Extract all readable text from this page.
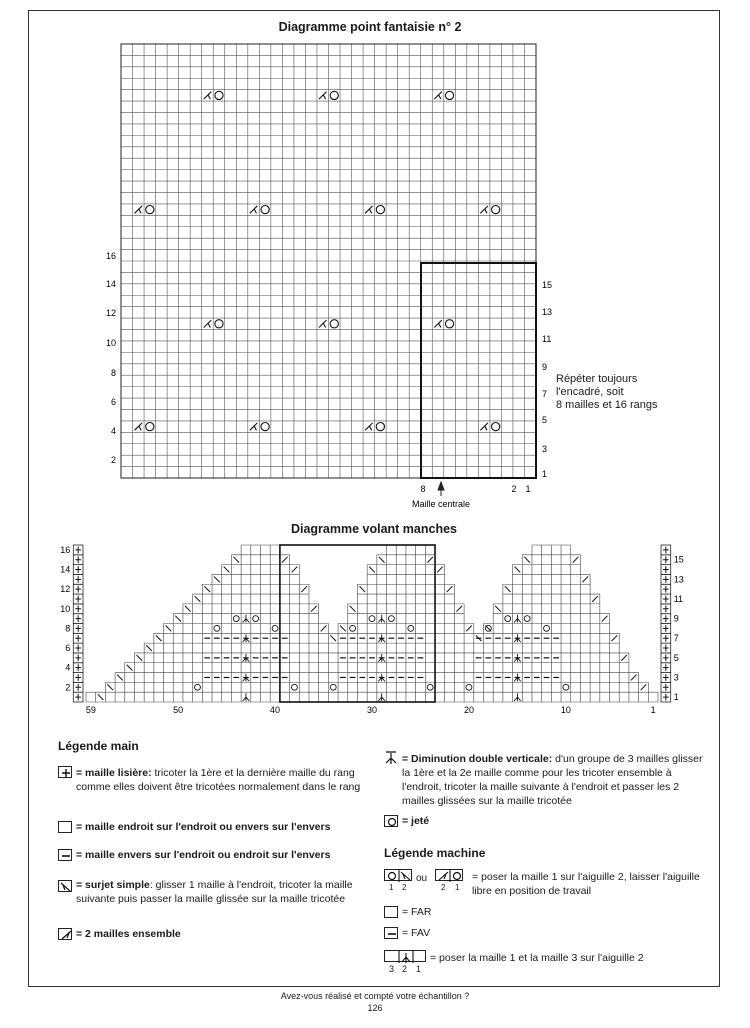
Diagramme point fantaisie n° 2
2
4
6
8
10
12
14
16
1
3
5
7
9
11
13
15
8	2 1
Maille centrale
Répéter toujours
l'encadré, soit
8 mailles et 16 rangs
Diagramme volant manches
2
4
6
8
10
12
14
16
1
3
5
7
9
11
13
15
59	50	40	30	20	10	1
Légende main
= maille lisière: tricoter la 1ère et la dernière maille du rang comme elles doivent être tricotées normalement dans le rang
= maille endroit sur l'endroit ou envers sur l'envers
= maille envers sur l'endroit ou endroit sur l'envers
= surjet simple: glisser 1 maille à l'endroit, tricoter la maille suivante puis passer la maille glissée sur la maille tricotée
= 2 mailles ensemble
= Diminution double verticale: d'un groupe de 3 mailles glisser la 1ère et la 2e maille comme pour les tricoter ensemble à l'endroit, tricoter la maille suivante à l'endroit et passer les 2 mailles glissées sur la maille tricotée
= jeté
Légende machine
1 2
ou
2 1
= poser la maille 1 sur l'aiguille 2, laisser l'aiguille libre en position de travail
= FAR
= FAV
3 2 1
= poser la maille 1 et la maille 3 sur l'aiguille 2
Avez-vous réalisé et compté votre échantillon ?
126
